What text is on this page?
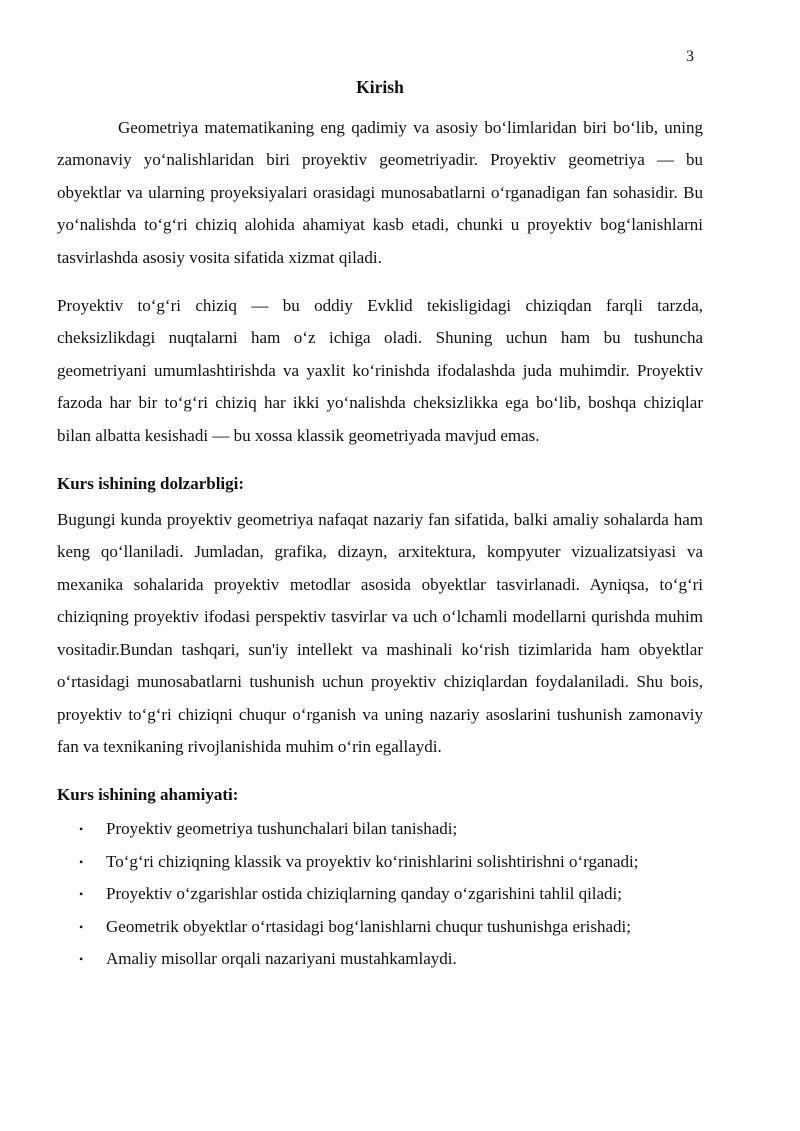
3
Kirish

Geometriya matematikaning eng qadimiy va asosiy bo‘limlaridan biri bo‘lib, uning zamonaviy yo‘nalishlaridan biri proyektiv geometriyadir. Proyektiv geometriya — bu obyektlar va ularning proyeksiyalari orasidagi munosabatlarni o‘rganadigan fan sohasidir. Bu yo‘nalishda to‘g‘ri chiziq alohida ahamiyat kasb etadi, chunki u proyektiv bog‘lanishlarni tasvirlashda asosiy vosita sifatida xizmat qiladi.

Proyektiv to‘g‘ri chiziq — bu oddiy Evklid tekisligidagi chiziqdan farqli tarzda, cheksizlikdagi nuqtalarni ham o‘z ichiga oladi. Shuning uchun ham bu tushuncha geometriyani umumlashtirishda va yaxlit ko‘rinishda ifodalashda juda muhimdir. Proyektiv fazoda har bir to‘g‘ri chiziq har ikki yo‘nalishda cheksizlikka ega bo‘lib, boshqa chiziqlar bilan albatta kesishadi — bu xossa klassik geometriyada mavjud emas.

Kurs ishining dolzarbligi:

Bugungi kunda proyektiv geometriya nafaqat nazariy fan sifatida, balki amaliy sohalarda ham keng qo‘llaniladi. Jumladan, grafika, dizayn, arxitektura, kompyuter vizualizatsiyasi va mexanika sohalarida proyektiv metodlar asosida obyektlar tasvirlanadi. Ayniqsa, to‘g‘ri chiziqning proyektiv ifodasi perspektiv tasvirlar va uch o‘lchamli modellarni qurishda muhim vositadir.Bundan tashqari, sun'iy intellekt va mashinali ko‘rish tizimlarida ham obyektlar o‘rtasidagi munosabatlarni tushunish uchun proyektiv chiziqlardan foydalaniladi. Shu bois, proyektiv to‘g‘ri chiziqni chuqur o‘rganish va uning nazariy asoslarini tushunish zamonaviy fan va texnikaning rivojlanishida muhim o‘rin egallaydi.

Kurs ishining ahamiyati:

• Proyektiv geometriya tushunchalari bilan tanishadi;
• To‘g‘ri chiziqning klassik va proyektiv ko‘rinishlarini solishtirishni o‘rganadi;
• Proyektiv o‘zgarishlar ostida chiziqlarning qanday o‘zgarishini tahlil qiladi;
• Geometrik obyektlar o‘rtasidagi bog‘lanishlarni chuqur tushunishga erishadi;
• Amaliy misollar orqali nazariyani mustahkamlaydi.
